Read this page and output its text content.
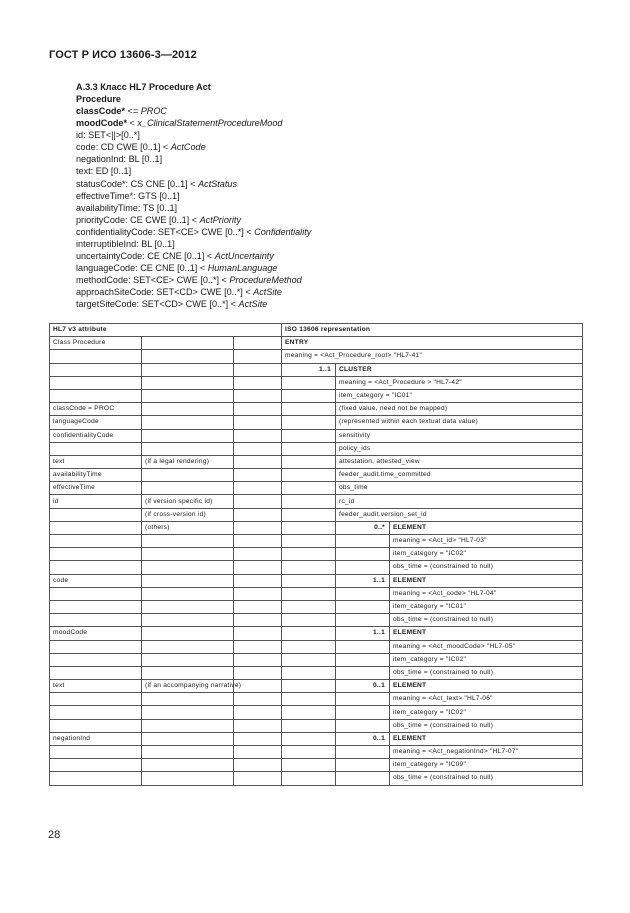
ГОСТ Р ИСО 13606-3—2012
A.3.3 Класс HL7 Procedure Act
Procedure
classCode* <= PROC
moodCode* < x_ClinicalStatementProcedureMood
id: SET<||>[0..*]
code: CD CWE [0..1] < ActCode
negationInd: BL [0..1]
text: ED [0..1]
statusCode*: CS CNE [0..1] < ActStatus
effectiveTime*: GTS [0..1]
availabilityTime: TS [0..1]
priorityCode: CE CWE [0..1] < ActPriority
confidentialityCode: SET<CE> CWE [0..*] < Confidentiality
interruptibleInd: BL [0..1]
uncertaintyCode: CE CNE [0..1] < ActUncertainty
languageCode: CE CNE [0..1] < HumanLanguage
methodCode: SET<CE> CWE [0..*] < ProcedureMethod
approachSiteCode: SET<CD> CWE [0..*] < ActSite
targetSiteCode: SET<CD> CWE [0..*] < ActSite
HL7 v3 attribute			ISO 13606 representation		
Class Procedure			ENTRY		
			meaning = <Act_Procedure_root> "HL7-41"		
			1..1	CLUSTER	
				meaning = <Act_Procedure > "HL7-42"	
				item_category = "IC01"	
classCode = PROC				(fixed value, need not be mapped)	
languageCode				(represented within each textual data value)	
confidentialityCode				sensitivity	
				policy_ids	
text	(if a legal rendering)			attestation, attested_view	
availabilityTime				feeder_audit.time_committed	
effectiveTime				obs_time	
id	(if version specific id)			rc_id	
	(if cross-version id)			feeder_audit.version_set_id	
	(others)			0..*	ELEMENT
					meaning = <Act_id> "HL7-03"
					item_category = "IC02"
					obs_time = (constrained to null)
code				1..1	ELEMENT
					meaning = <Act_code> "HL7-04"
					item_category = "IC01"
					obs_time = (constrained to null)
moodCode				1..1	ELEMENT
					meaning = <Act_moodCode> "HL7-05"
					item_category = "IC02"
					obs_time = (constrained to null)
text	(if an accompanying narrative)			0..1	ELEMENT
					meaning = <Act_text> "HL7-06"
					item_category = "IC02"
					obs_time = (constrained to null)
negationInd				0..1	ELEMENT
					meaning = <Act_negationInd> "HL7-07"
					item_category = "IC09"
					obs_time = (constrained to null)
28
